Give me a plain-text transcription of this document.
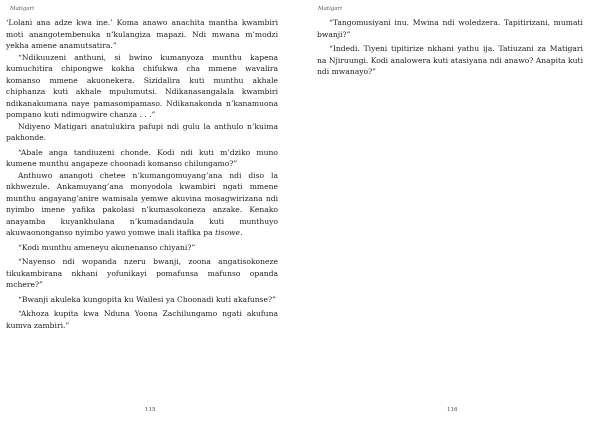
Matigari

‘Lolani ana adze kwa ine.’ Koma anawo anachita mantha kwambiri moti anangotembenuka n’kulangiza mapazi. Ndi mwana m’modzi yekha amene anamutsatira.”

“Ndikuuzeni anthuni, si bwino kumanyoza munthu kapena kumuchitira chipongwe kokha chifukwa cha mmene wavalira komanso mmene akuonekera. Sizidalira kuti munthu akhale chiphanza kuti akhale mpulumutsi. Ndikanasangalala kwambiri ndikanakumana naye pamasompamaso. Ndikanakonda n’kanamuona pompano kuti ndimugwire chanza . . .”

Ndiyeno Matigari anatulukira pafupi ndi gulu la anthulo n’kuima pakhonde.

“Abale anga tandiuzeni chonde. Kodi ndi kuti m’dziko muno kumene munthu angapeze choonadi komanso chilungamo?”

Anthuwo anangoti chetee n’kumangomuyang’ana ndi diso la nkhwezule. Ankamuyang’ana monyodola kwambiri ngati mmene munthu angayang’anire wamisala yemwe akuvina mosagwirizana ndi nyimbo imene yafika pakolasi n’kumasokoneza anzake. Kenako anayamba kuyankhulana n’kumadandaula kuti munthuyo akuwaononganso nyimbo yawo yomwe inali itafika pa tisowe.

“Kodi munthu ameneyu akunenanso chiyani?”

“Nayenso ndi wopanda nzeru bwanji, zoona angatisokoneze tikukambirana nkhani yofunikayi pomafunsa mafunso opanda mchere?”

“Bwanji akuleka kungopita ku Wailesi ya Choonadi kuti akafunse?”

“Akhoza kupita kwa Nduna Yoona Zachilungamo ngati akufuna kumva zambiri.”

115
Matigari

“Tangomusiyani inu. Mwina ndi woledzera. Tapitirizani, mumati bwanji?”

“Indedi. Tiyeni tipitirize nkhani yathu ija. Tatiuzani za Matigari na Njiruungi. Kodi analowera kuti atasiyana ndi anawo? Anapita kuti ndi mwanayo?”

116
